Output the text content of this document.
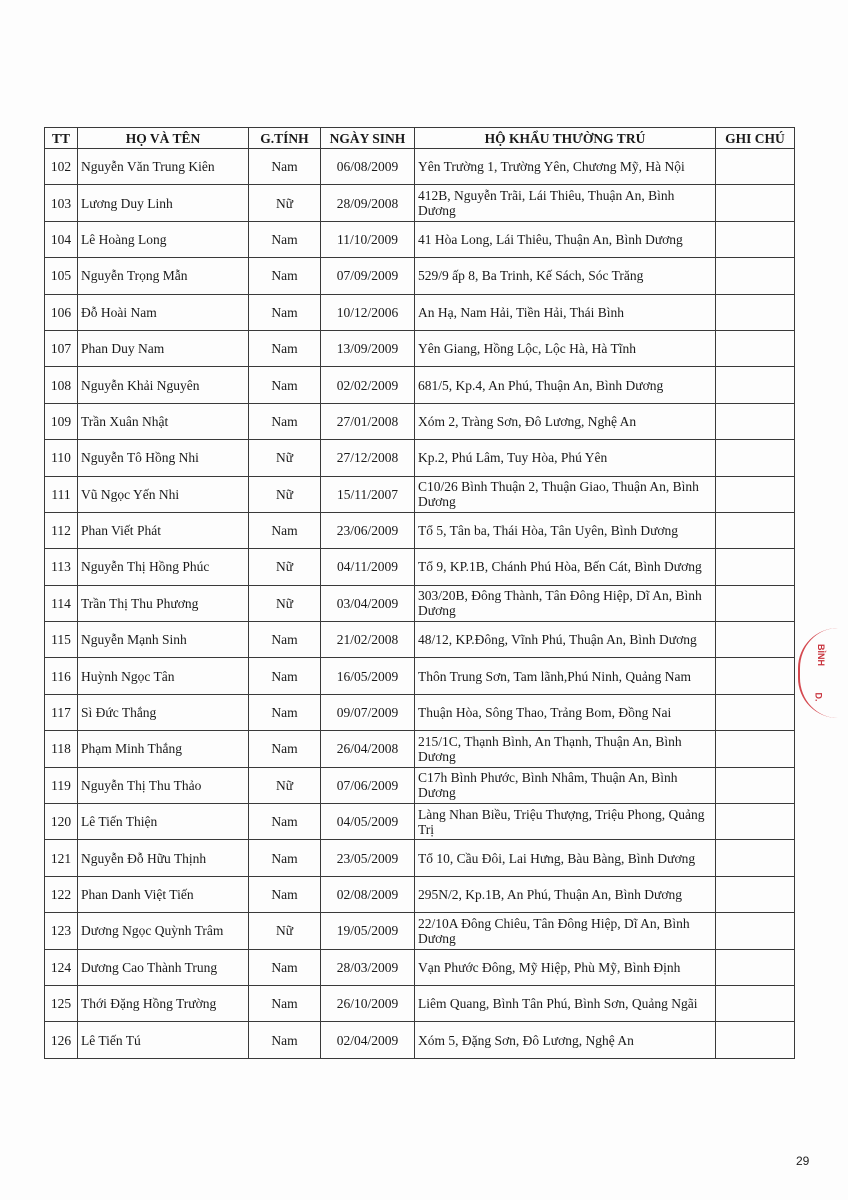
TT	HỌ VÀ TÊN	G.TÍNH	NGÀY SINH	HỘ KHẨU THƯỜNG TRÚ	GHI CHÚ
102	Nguyễn Văn Trung Kiên	Nam	06/08/2009	Yên Trường 1, Trường Yên, Chương Mỹ, Hà Nội	
103	Lương Duy Linh	Nữ	28/09/2008	412B, Nguyễn Trãi, Lái Thiêu, Thuận An, Bình Dương	
104	Lê Hoàng Long	Nam	11/10/2009	41 Hòa Long, Lái Thiêu, Thuận An, Bình Dương	
105	Nguyễn Trọng Mẫn	Nam	07/09/2009	529/9 ấp 8, Ba Trinh, Kế Sách, Sóc Trăng	
106	Đỗ Hoài Nam	Nam	10/12/2006	An Hạ, Nam Hải, Tiền Hải, Thái Bình	
107	Phan Duy Nam	Nam	13/09/2009	Yên Giang, Hồng Lộc, Lộc Hà, Hà Tĩnh	
108	Nguyễn Khải Nguyên	Nam	02/02/2009	681/5, Kp.4, An Phú, Thuận An, Bình Dương	
109	Trần Xuân Nhật	Nam	27/01/2008	Xóm 2, Tràng Sơn, Đô Lương, Nghệ An	
110	Nguyễn Tô Hồng Nhi	Nữ	27/12/2008	Kp.2, Phú Lâm, Tuy Hòa, Phú Yên	
111	Vũ Ngọc Yến Nhi	Nữ	15/11/2007	C10/26 Bình Thuận 2, Thuận Giao, Thuận An, Bình Dương	
112	Phan Viết Phát	Nam	23/06/2009	Tổ 5, Tân ba, Thái Hòa, Tân Uyên, Bình Dương	
113	Nguyễn Thị Hồng Phúc	Nữ	04/11/2009	Tổ 9, KP.1B, Chánh Phú Hòa, Bến Cát, Bình Dương	
114	Trần Thị Thu Phương	Nữ	03/04/2009	303/20B, Đông Thành, Tân Đông Hiệp, Dĩ An, Bình Dương	
115	Nguyễn Mạnh Sinh	Nam	21/02/2008	48/12, KP.Đông, Vĩnh Phú, Thuận An, Bình Dương	
116	Huỳnh Ngọc Tân	Nam	16/05/2009	Thôn Trung Sơn, Tam lãnh,Phú Ninh, Quảng Nam	
117	Sì Đức Thắng	Nam	09/07/2009	Thuận Hòa, Sông Thao, Trảng Bom, Đồng Nai	
118	Phạm Minh Thắng	Nam	26/04/2008	215/1C, Thạnh Bình, An Thạnh, Thuận An, Bình Dương	
119	Nguyễn Thị Thu Thảo	Nữ	07/06/2009	C17h Bình Phước, Bình Nhâm, Thuận An, Bình Dương	
120	Lê Tiến Thiện	Nam	04/05/2009	Làng Nhan Biều, Triệu Thượng, Triệu Phong, Quảng Trị	
121	Nguyễn Đỗ Hữu Thịnh	Nam	23/05/2009	Tổ 10, Cầu Đôi, Lai Hưng, Bàu Bàng, Bình Dương	
122	Phan Danh Việt Tiến	Nam	02/08/2009	295N/2, Kp.1B, An Phú, Thuận An, Bình Dương	
123	Dương Ngọc Quỳnh Trâm	Nữ	19/05/2009	22/10A Đông Chiêu, Tân Đông Hiệp, Dĩ An, Bình Dương	
124	Dương Cao Thành Trung	Nam	28/03/2009	Vạn Phước Đông, Mỹ Hiệp, Phù Mỹ, Bình Định	
125	Thới Đặng Hồng Trường	Nam	26/10/2009	Liêm Quang, Bình Tân Phú, Bình Sơn, Quảng Ngãi	
126	Lê Tiến Tú	Nam	02/04/2009	Xóm 5, Đặng Sơn, Đô Lương, Nghệ An	
BÌNH
D.
29
